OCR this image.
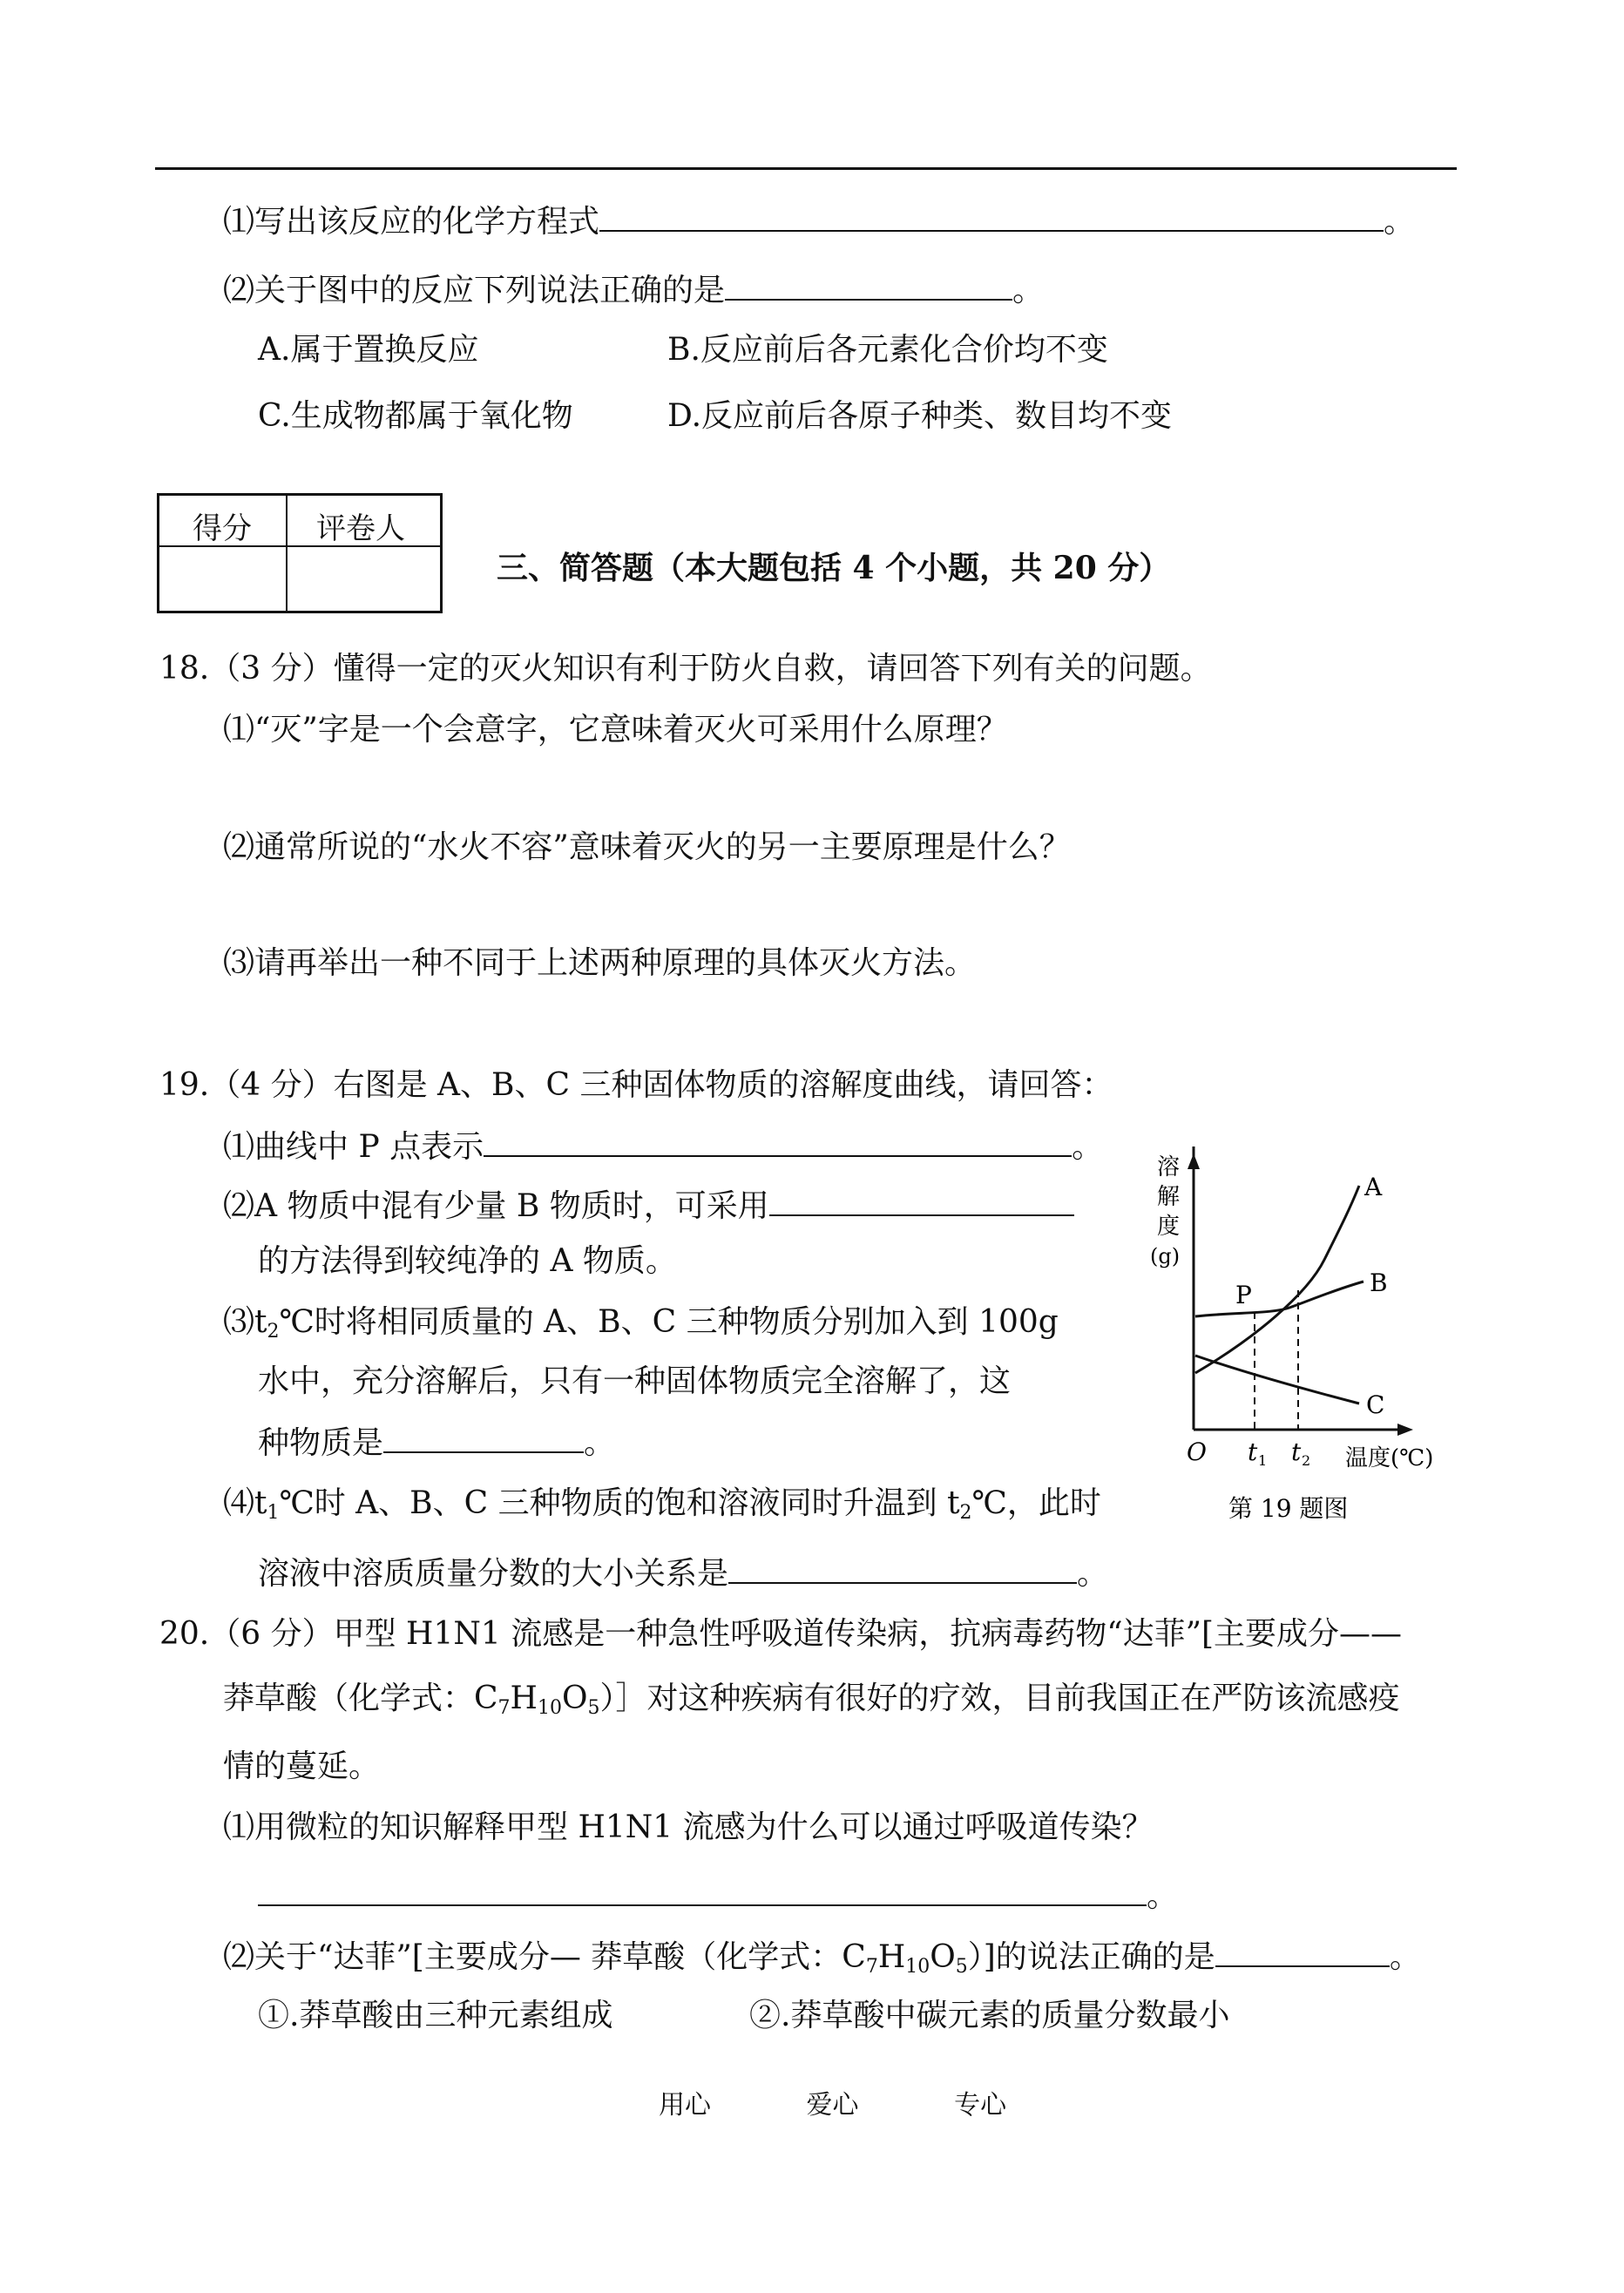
⑴写出该反应的化学方程式	。
⑵关于图中的反应下列说法正确的是	。
A.属于置换反应	B.反应前后各元素化合价均不变
C.生成物都属于氧化物	D.反应前后各原子种类、数目均不变
得分 评卷人
三、简答题（本大题包括 4 个小题，共 20 分）
18.（3 分）懂得一定的灭火知识有利于防火自救，请回答下列有关的问题。
⑴“灭”字是一个会意字，它意味着灭火可采用什么原理？
⑵通常所说的“水火不容”意味着灭火的另一主要原理是什么？
⑶请再举出一种不同于上述两种原理的具体灭火方法。
19.（4 分）右图是 A、B、C 三种固体物质的溶解度曲线，请回答：
⑴曲线中 P 点表示	。
⑵A 物质中混有少量 B 物质时，可采用
的方法得到较纯净的 A 物质。
$⑶t_2℃$时将相同质量的 A、B、C 三种物质分别加入到 100g
水中，充分溶解后，只有一种固体物质完全溶解了，这
种物质是	。
$⑷t_1℃$时 A、B、C 三种物质的饱和溶液同时升温到 $t_2℃$，此时
溶液中溶质质量分数的大小关系是	。
溶
解
度
(g)
A
B
C
P
O t 1 t 2 温度(℃)
第 19 题图
20.（6 分）甲型 H1N1 流感是一种急性呼吸道传染病，抗病毒药物“达菲”[主要成分——
莽草酸（化学式：$C_7H_{10}O_5)]$对这种疾病有很好的疗效，目前我国正在严防该流感疫
情的蔓延。
⑴用微粒的知识解释甲型 H1N1 流感为什么可以通过呼吸道传染？
。
⑵关于“达菲”[主要成分— 莽草酸（化学式：$C_7H_{10}O_5$）]的说法正确的是	。
①.莽草酸由三种元素组成	②.莽草酸中碳元素的质量分数最小
用心	爱心	专心
